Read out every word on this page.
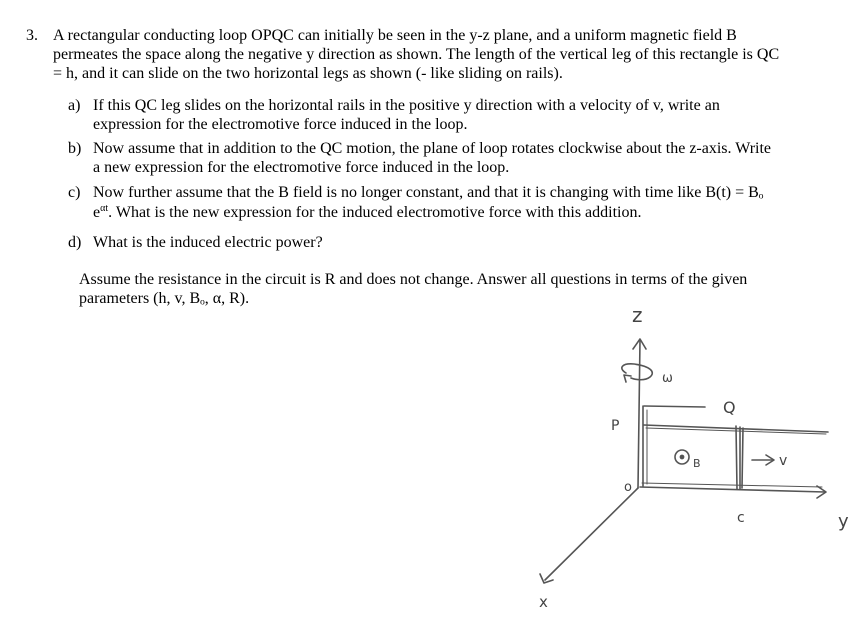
3. A rectangular conducting loop OPQC can initially be seen in the y-z plane, and a uniform magnetic field B
permeates the space along the negative y direction as shown. The length of the vertical leg of this rectangle is QC
= h, and it can slide on the two horizontal legs as shown (- like sliding on rails).
a) If this QC leg slides on the horizontal rails in the positive y direction with a velocity of v, write an
expression for the electromotive force induced in the loop.
b) Now assume that in addition to the QC motion, the plane of loop rotates clockwise about the z-axis. Write
a new expression for the electromotive force induced in the loop.
c) Now further assume that the B field is no longer constant, and that it is changing with time like B(t) = Bₒ
$e^{\alpha t}$. What is the new expression for the induced electromotive force with this addition.
d) What is the induced electric power?
Assume the resistance in the circuit is R and does not change. Answer all questions in terms of the given
parameters (h, v, Bₒ, α, R).
z
ω
P
Q
o
B	v
c
x
y
